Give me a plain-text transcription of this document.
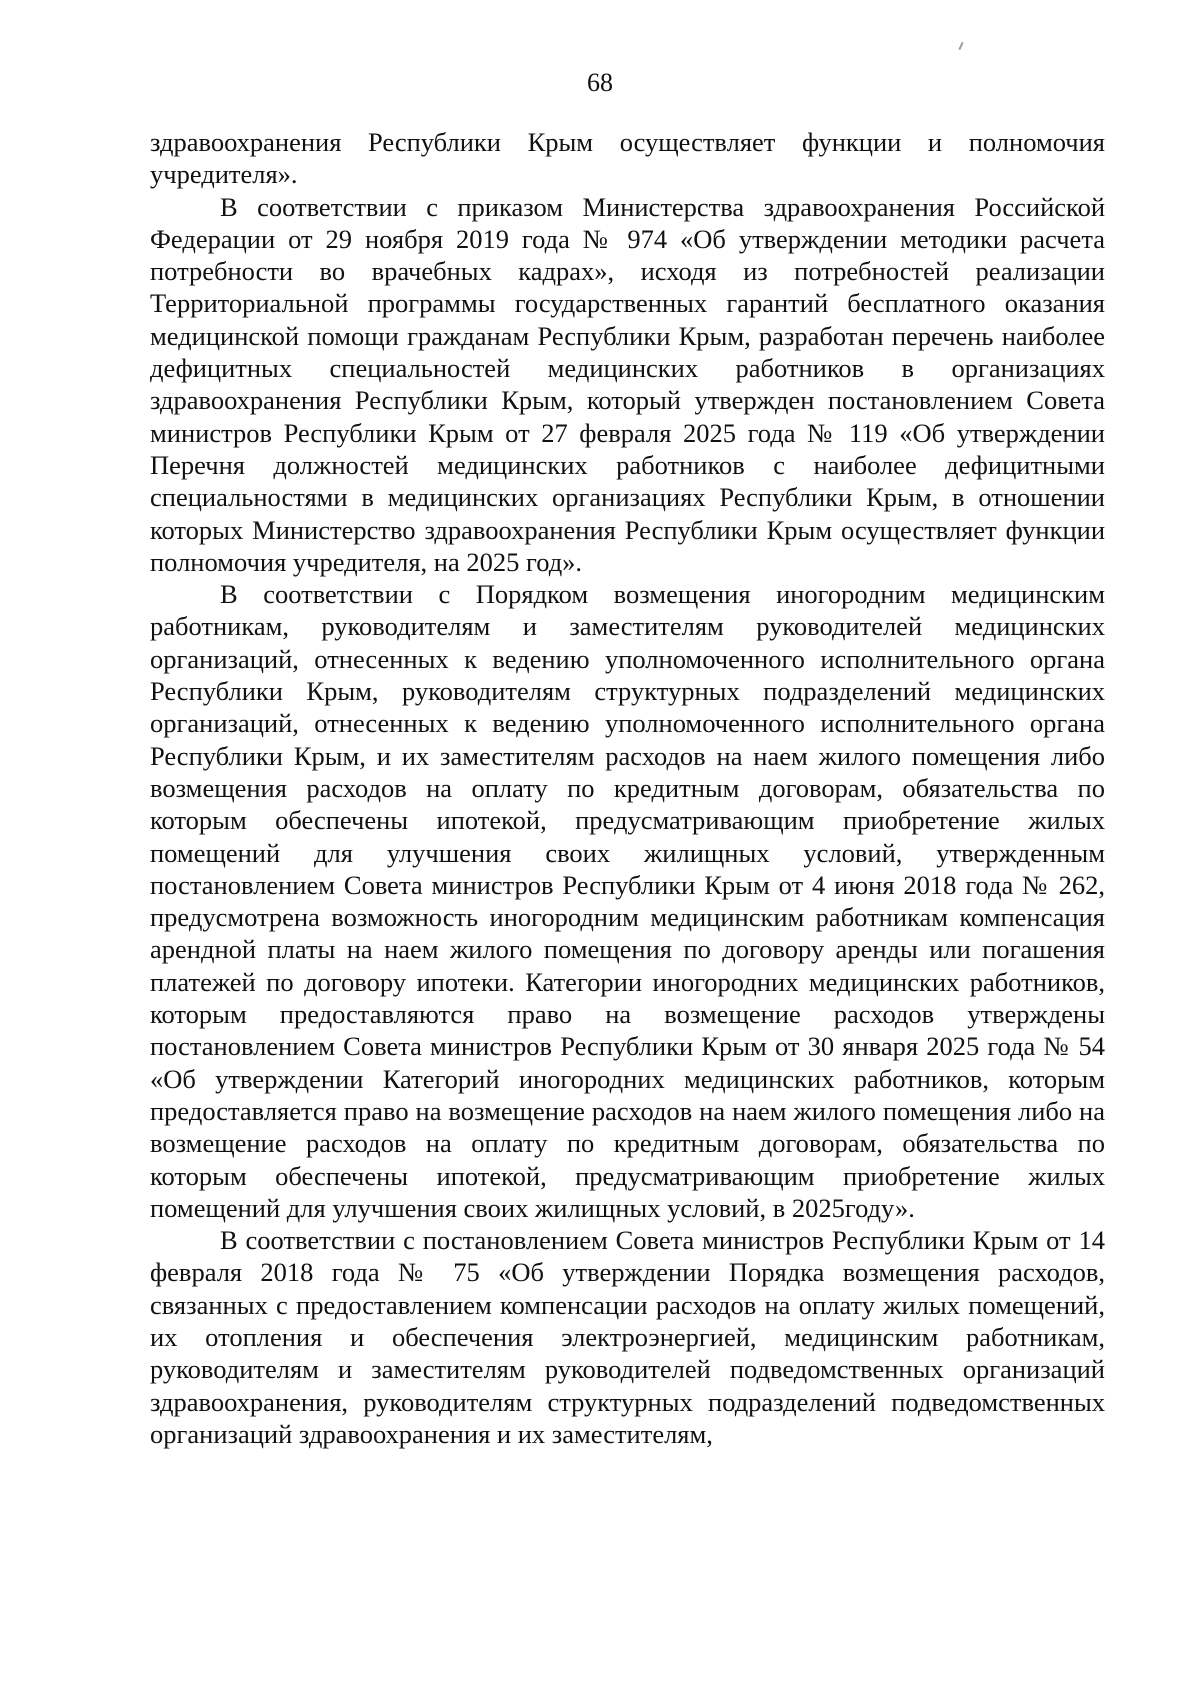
68

здравоохранения Республики Крым осуществляет функции и полномочия учредителя».

В соответствии с приказом Министерства здравоохранения Российской Федерации от 29 ноября 2019 года № 974 «Об утверждении методики расчета потребности во врачебных кадрах», исходя из потребностей реализации Территориальной программы государственных гарантий бесплатного оказания медицинской помощи гражданам Республики Крым, разработан перечень наиболее дефицитных специальностей медицинских работников в организациях здравоохранения Республики Крым, который утвержден постановлением Совета министров Республики Крым от 27 февраля 2025 года № 119 «Об утверждении Перечня должностей медицинских работников с наиболее дефицитными специальностями в медицинских организациях Республики Крым, в отношении которых Министерство здравоохранения Республики Крым осуществляет функции полномочия учредителя, на 2025 год».

В соответствии с Порядком возмещения иногородним медицинским работникам, руководителям и заместителям руководителей медицинских организаций, отнесенных к ведению уполномоченного исполнительного органа Республики Крым, руководителям структурных подразделений медицинских организаций, отнесенных к ведению уполномоченного исполнительного органа Республики Крым, и их заместителям расходов на наем жилого помещения либо возмещения расходов на оплату по кредитным договорам, обязательства по которым обеспечены ипотекой, предусматривающим приобретение жилых помещений для улучшения своих жилищных условий, утвержденным постановлением Совета министров Республики Крым от 4 июня 2018 года № 262, предусмотрена возможность иногородним медицинским работникам компенсация арендной платы на наем жилого помещения по договору аренды или погашения платежей по договору ипотеки. Категории иногородних медицинских работников, которым предоставляются право на возмещение расходов утверждены постановлением Совета министров Республики Крым от 30 января 2025 года № 54 «Об утверждении Категорий иногородних медицинских работников, которым предоставляется право на возмещение расходов на наем жилого помещения либо на возмещение расходов на оплату по кредитным договорам, обязательства по которым обеспечены ипотекой, предусматривающим приобретение жилых помещений для улучшения своих жилищных условий, в 2025году».

В соответствии с постановлением Совета министров Республики Крым от 14 февраля 2018 года № 75 «Об утверждении Порядка возмещения расходов, связанных с предоставлением компенсации расходов на оплату жилых помещений, их отопления и обеспечения электроэнергией, медицинским работникам, руководителям и заместителям руководителей подведомственных организаций здравоохранения, руководителям структурных подразделений подведомственных организаций здравоохранения и их заместителям,
